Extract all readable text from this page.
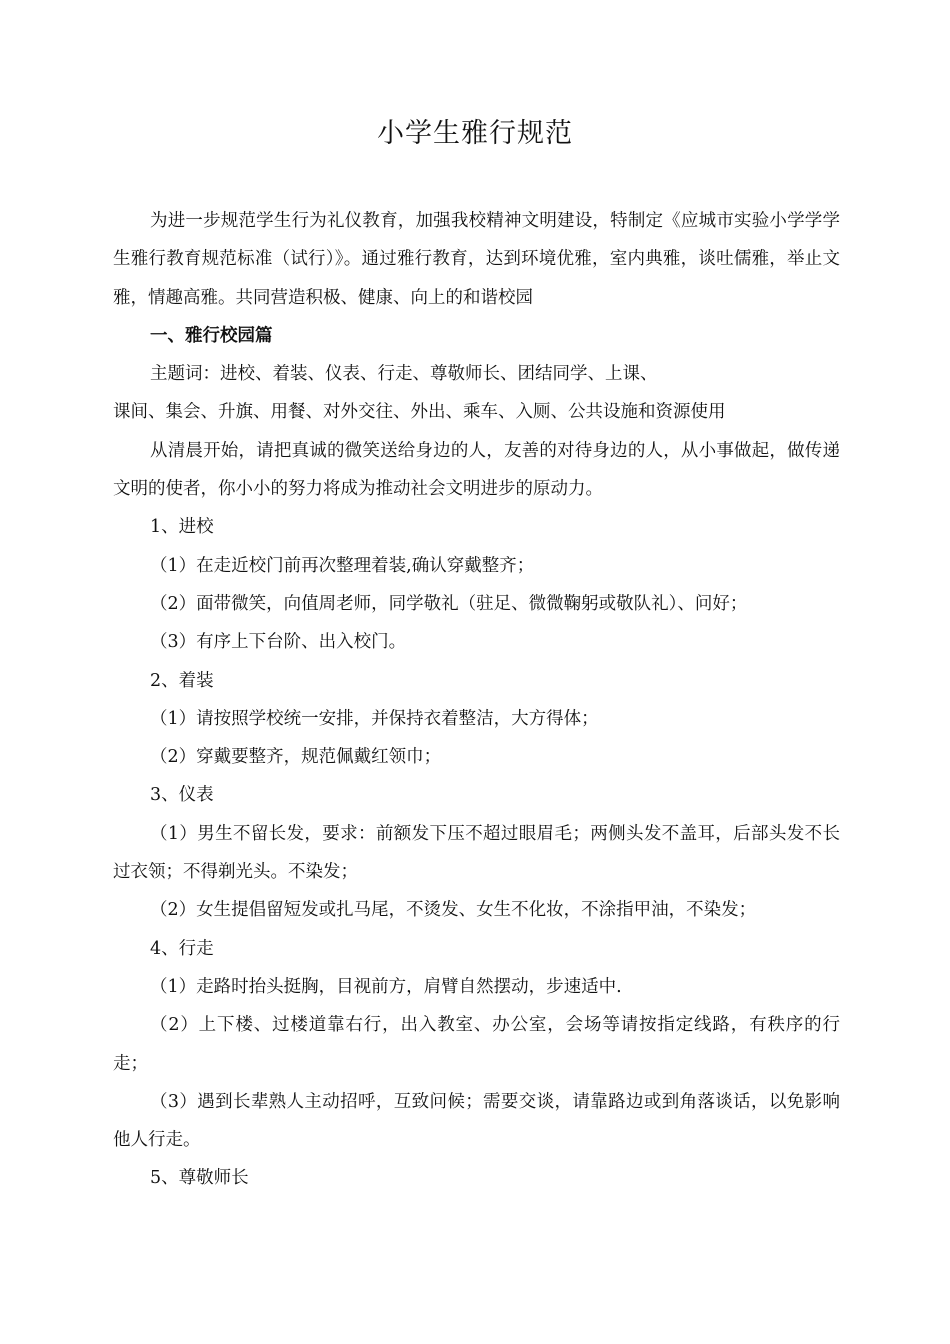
小学生雅行规范

为进一步规范学生行为礼仪教育，加强我校精神文明建设，特制定《应城市实验小学学学生雅行教育规范标准（试行）》。通过雅行教育，达到环境优雅，室内典雅，谈吐儒雅，举止文雅，情趣高雅。共同营造积极、健康、向上的和谐校园

一、雅行校园篇

主题词：进校、着装、仪表、行走、尊敬师长、团结同学、上课、

课间、集会、升旗、用餐、对外交往、外出、乘车、入厕、公共设施和资源使用

从清晨开始，请把真诚的微笑送给身边的人，友善的对待身边的人，从小事做起，做传递文明的使者，你小小的努力将成为推动社会文明进步的原动力。

1、进校

（1）在走近校门前再次整理着装,确认穿戴整齐；

（2）面带微笑，向值周老师，同学敬礼（驻足、微微鞠躬或敬队礼）、问好；

（3）有序上下台阶、出入校门。

2、着装

（1）请按照学校统一安排，并保持衣着整洁，大方得体；

（2）穿戴要整齐，规范佩戴红领巾；

3、仪表

（1）男生不留长发，要求：前额发下压不超过眼眉毛；两侧头发不盖耳，后部头发不长过衣领；不得剃光头。不染发；

（2）女生提倡留短发或扎马尾，不烫发、女生不化妆，不涂指甲油，不染发；

4、行走

（1）走路时抬头挺胸，目视前方，肩臂自然摆动，步速适中.

（2）上下楼、过楼道靠右行，出入教室、办公室，会场等请按指定线路，有秩序的行走；

（3）遇到长辈熟人主动招呼，互致问候；需要交谈，请靠路边或到角落谈话，以免影响他人行走。

5、尊敬师长
